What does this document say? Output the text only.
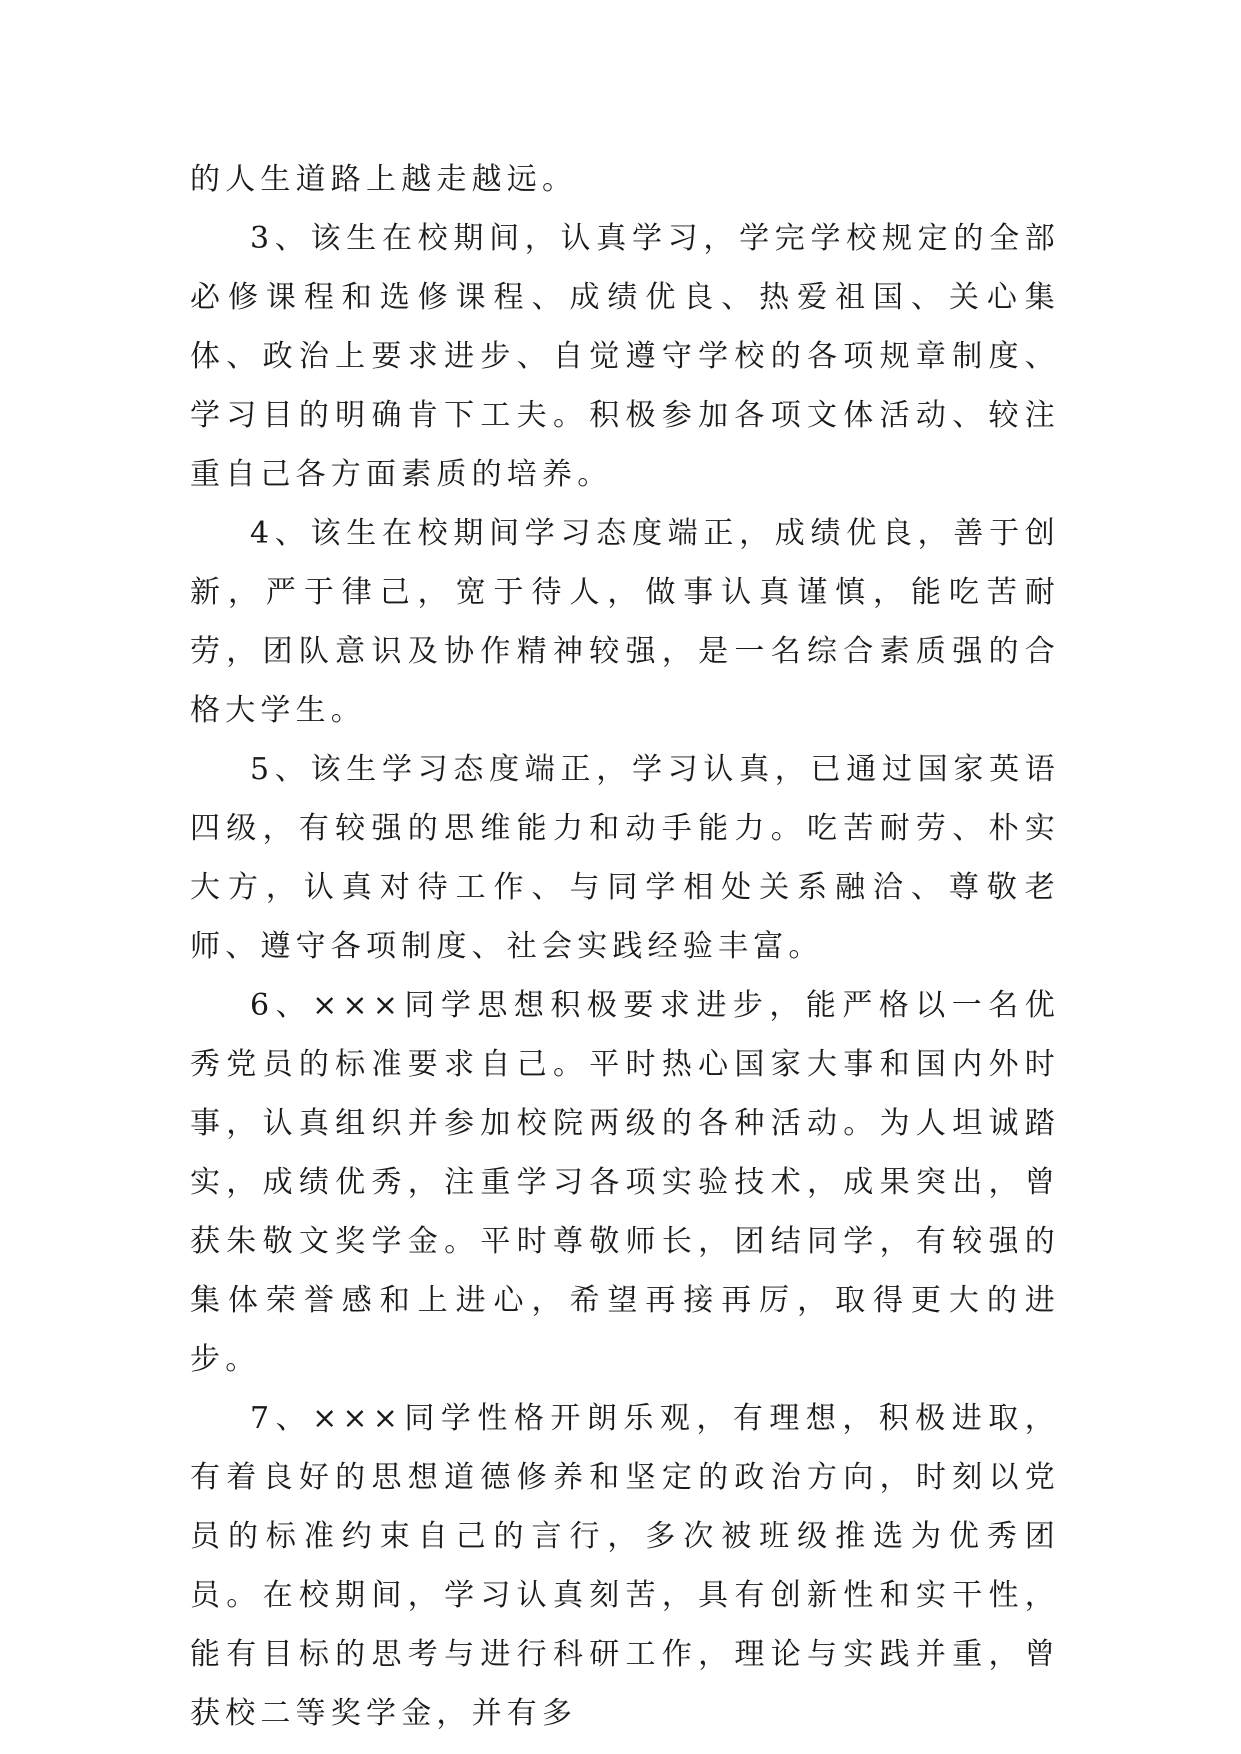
的人生道路上越走越远。

3、该生在校期间，认真学习，学完学校规定的全部必修课程和选修课程、成绩优良、热爱祖国、关心集体、政治上要求进步、自觉遵守学校的各项规章制度、学习目的明确肯下工夫。积极参加各项文体活动、较注重自己各方面素质的培养。

4、该生在校期间学习态度端正，成绩优良，善于创新，严于律己，宽于待人，做事认真谨慎，能吃苦耐劳，团队意识及协作精神较强，是一名综合素质强的合格大学生。

5、该生学习态度端正，学习认真，已通过国家英语四级，有较强的思维能力和动手能力。吃苦耐劳、朴实大方，认真对待工作、与同学相处关系融洽、尊敬老师、遵守各项制度、社会实践经验丰富。

6、×××同学思想积极要求进步，能严格以一名优秀党员的标准要求自己。平时热心国家大事和国内外时事，认真组织并参加校院两级的各种活动。为人坦诚踏实，成绩优秀，注重学习各项实验技术，成果突出，曾获朱敬文奖学金。平时尊敬师长，团结同学，有较强的集体荣誉感和上进心，希望再接再厉，取得更大的进步。

7、×××同学性格开朗乐观，有理想，积极进取，有着良好的思想道德修养和坚定的政治方向，时刻以党员的标准约束自己的言行，多次被班级推选为优秀团员。在校期间，学习认真刻苦，具有创新性和实干性，能有目标的思考与进行科研工作，理论与实践并重，曾获校二等奖学金，并有多
